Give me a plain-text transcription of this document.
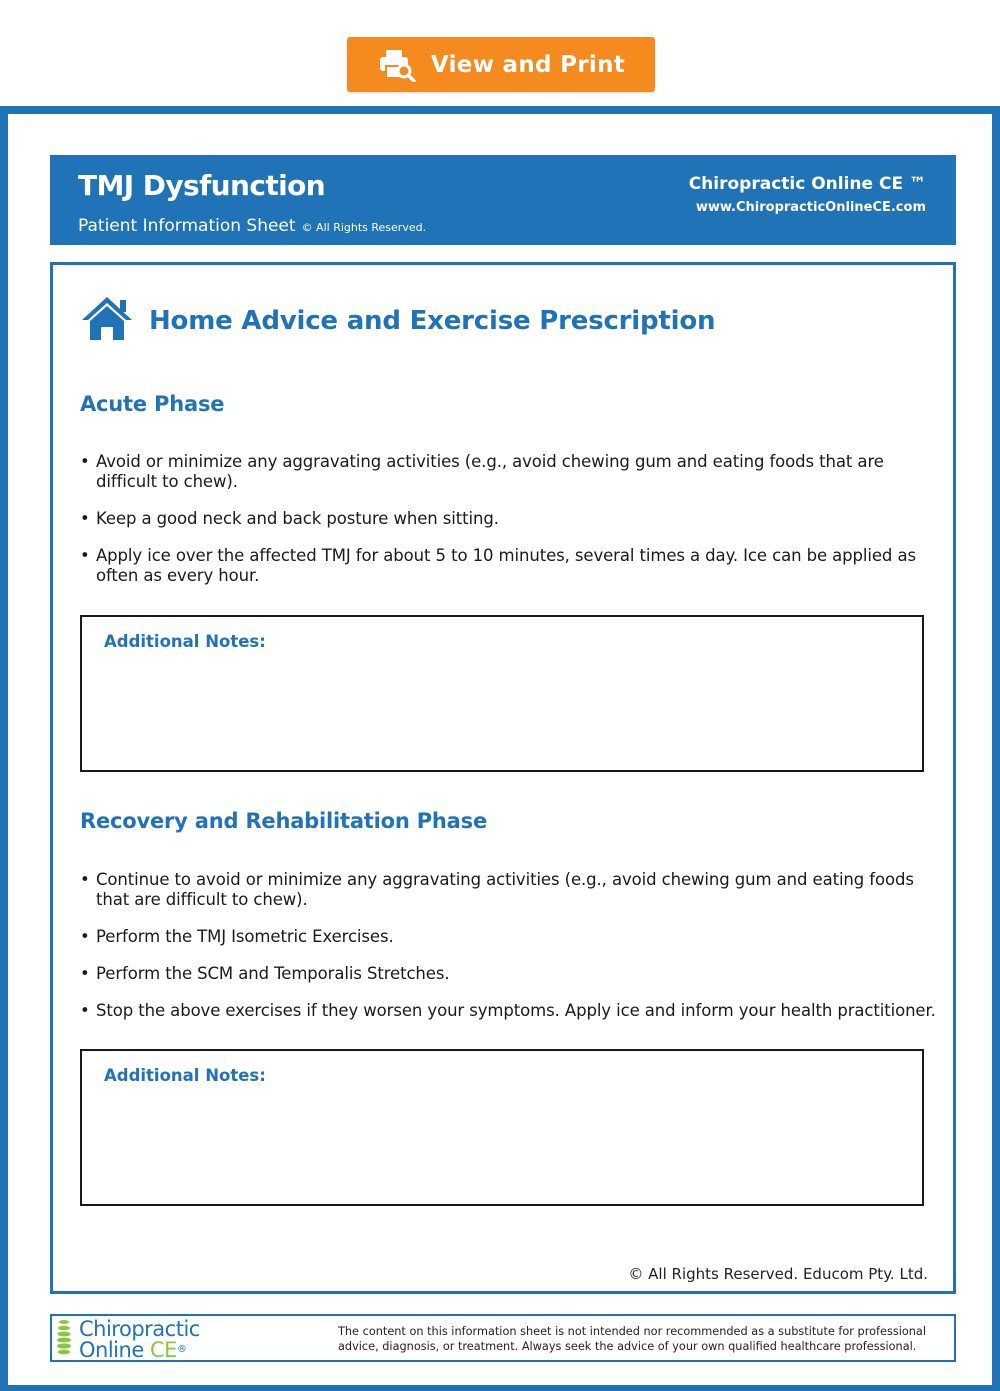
View and Print
TMJ Dysfunction
Patient Information Sheet © All Rights Reserved.
Chiropractic Online CE ™
www.ChiropracticOnlineCE.com
Home Advice and Exercise Prescription
Acute Phase
• Avoid or minimize any aggravating activities (e.g., avoid chewing gum and eating foods that are difficult to chew).
• Keep a good neck and back posture when sitting.
• Apply ice over the affected TMJ for about 5 to 10 minutes, several times a day. Ice can be applied as often as every hour.
Additional Notes:
Recovery and Rehabilitation Phase
• Continue to avoid or minimize any aggravating activities (e.g., avoid chewing gum and eating foods that are difficult to chew).
• Perform the TMJ Isometric Exercises.
• Perform the SCM and Temporalis Stretches.
• Stop the above exercises if they worsen your symptoms. Apply ice and inform your health practitioner.
Additional Notes:
© All Rights Reserved. Educom Pty. Ltd.
Chiropractic
Online CE®
The content on this information sheet is not intended nor recommended as a substitute for professional advice, diagnosis, or treatment. Always seek the advice of your own qualified healthcare professional.
